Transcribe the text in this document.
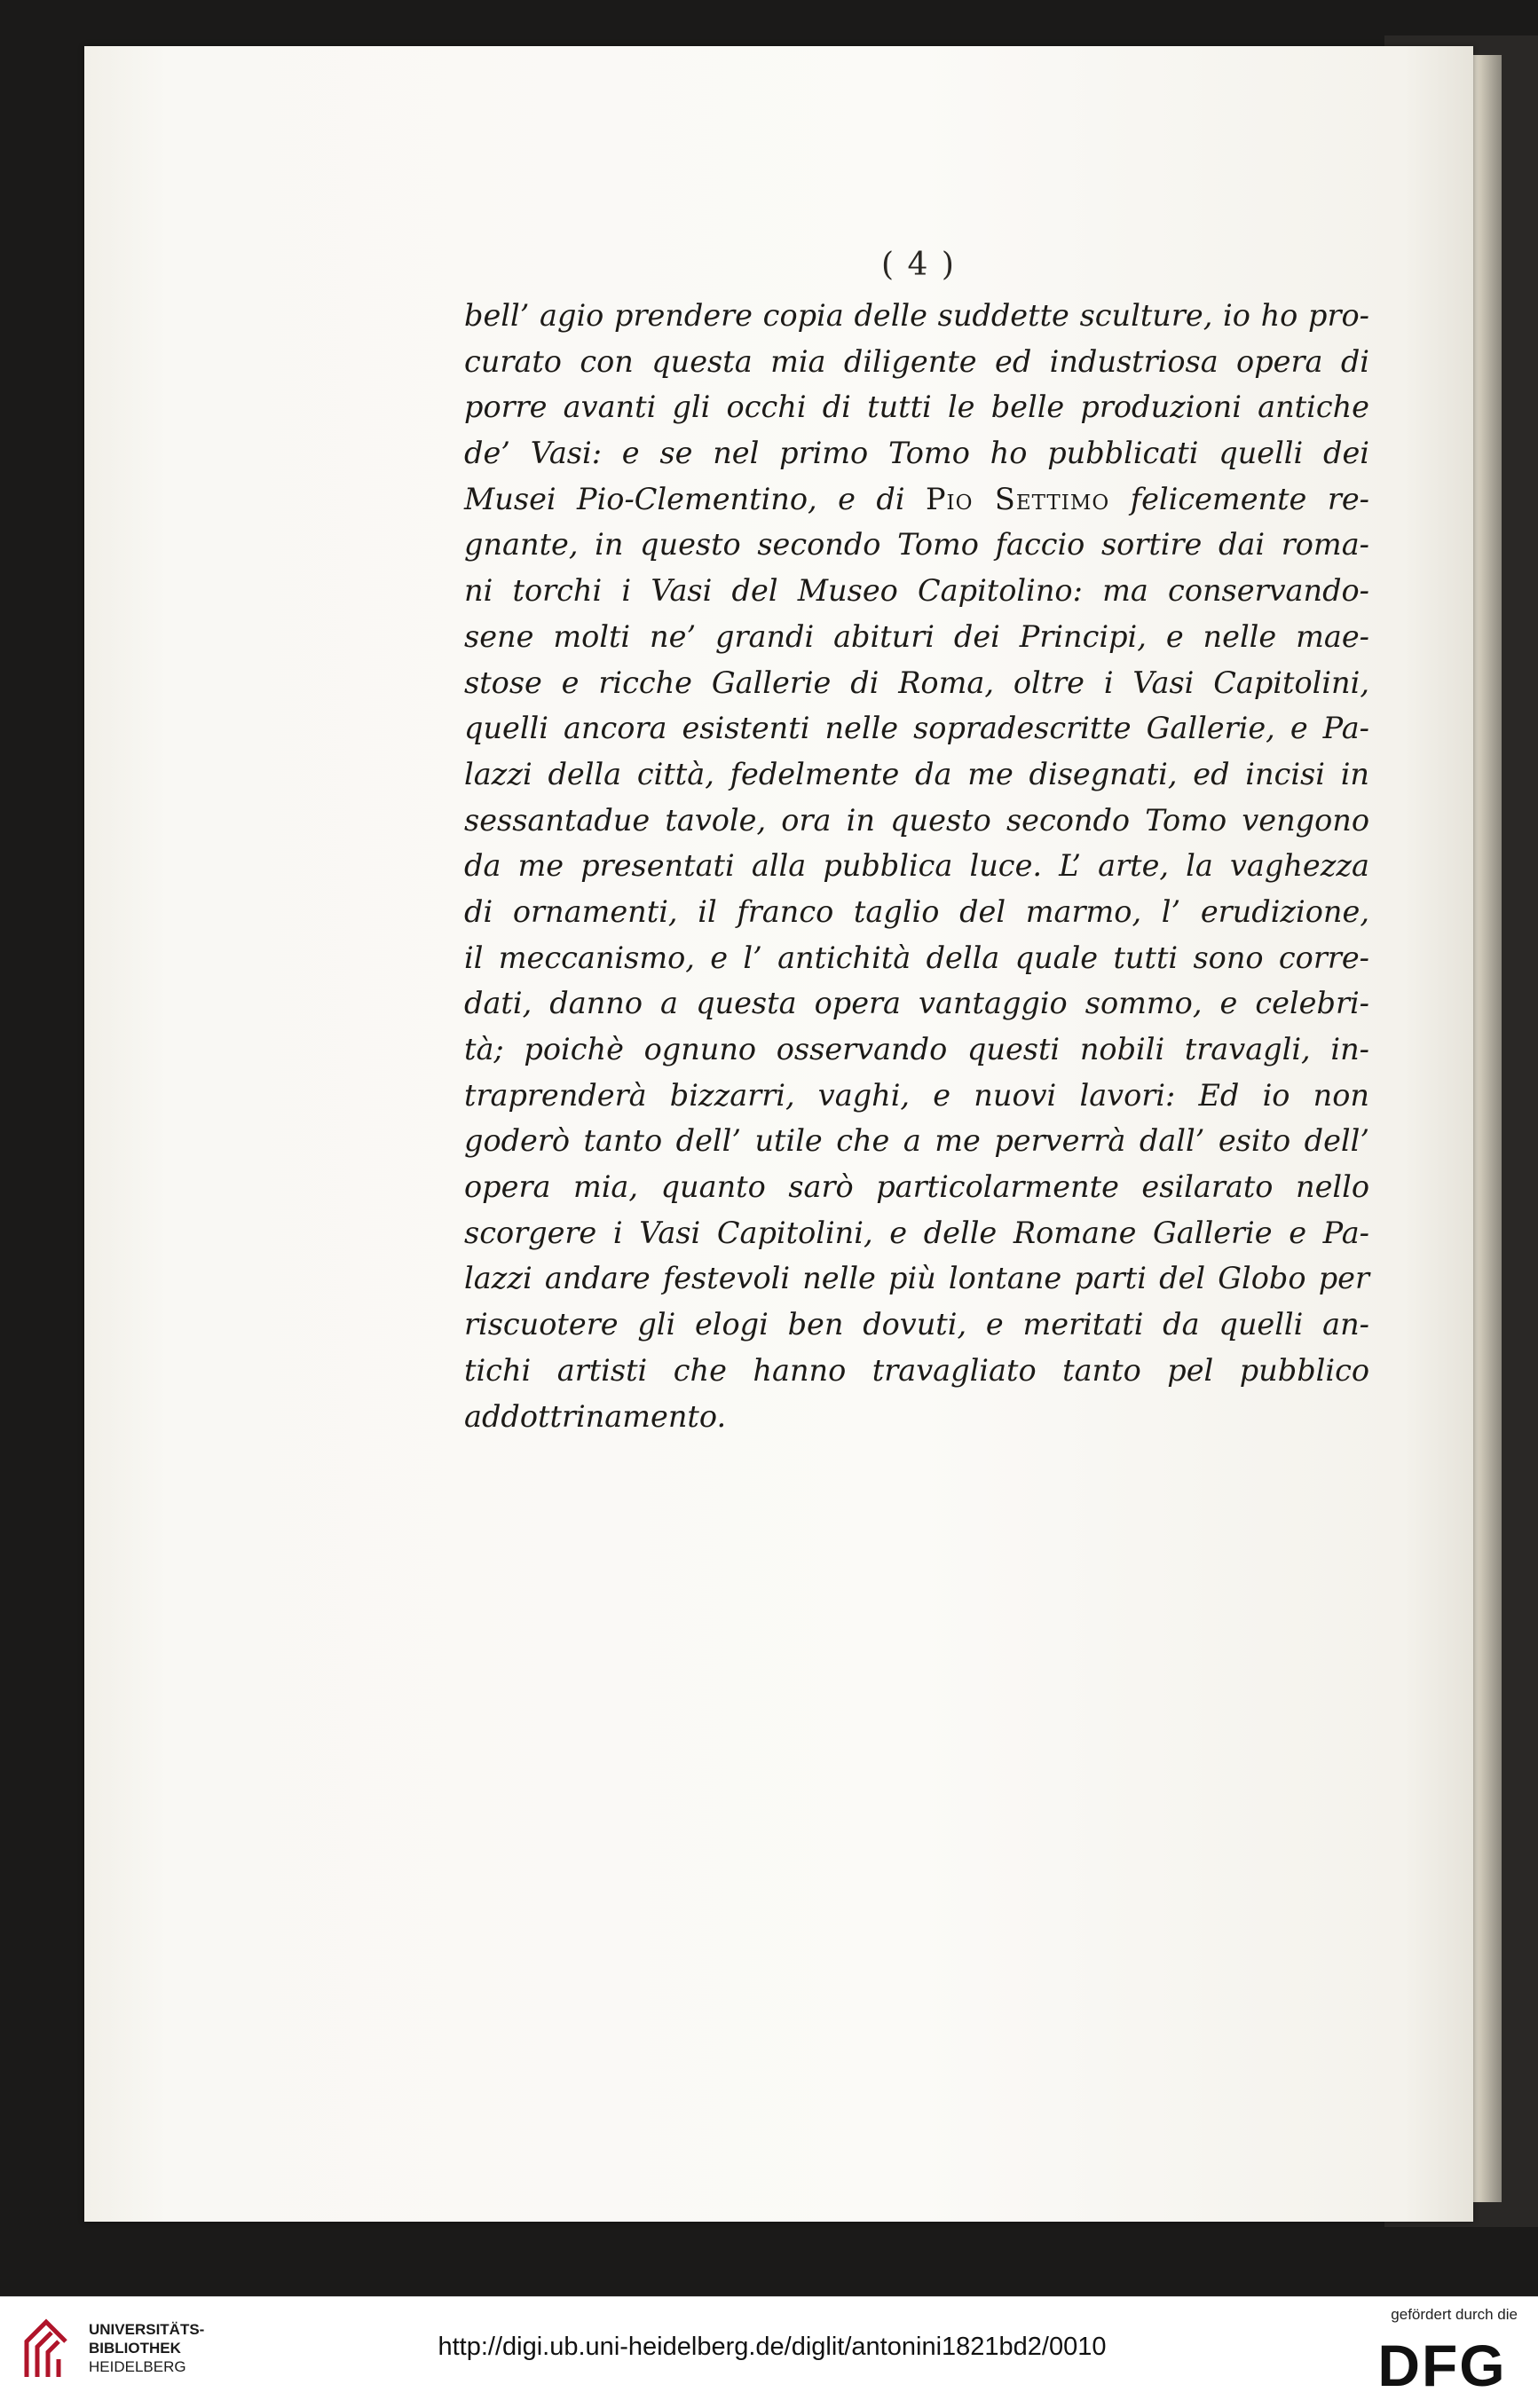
( 4 )
bell’ agio prendere copia delle suddette sculture, io ho pro-
curato con questa mia diligente ed industriosa opera di
porre avanti gli occhi di tutti le belle produzioni antiche
de’ Vasi: e se nel primo Tomo ho pubblicati quelli dei
Musei Pio-Clementino, e di Pio Settimo felicemente re-
gnante, in questo secondo Tomo faccio sortire dai roma-
ni torchi i Vasi del Museo Capitolino: ma conservando-
sene molti ne’ grandi abituri dei Principi, e nelle mae-
stose e ricche Gallerie di Roma, oltre i Vasi Capitolini,
quelli ancora esistenti nelle sopradescritte Gallerie, e Pa-
lazzi della città, fedelmente da me disegnati, ed incisi in
sessantadue tavole, ora in questo secondo Tomo vengono
da me presentati alla pubblica luce. L’ arte, la vaghezza
di ornamenti, il franco taglio del marmo, l’ erudizione,
il meccanismo, e l’ antichità della quale tutti sono corre-
dati, danno a questa opera vantaggio sommo, e celebri-
tà; poichè ognuno osservando questi nobili travagli, in-
traprenderà bizzarri, vaghi, e nuovi lavori: Ed io non
goderò tanto dell’ utile che a me perverrà dall’ esito dell’
opera mia, quanto sarò particolarmente esilarato nello
scorgere i Vasi Capitolini, e delle Romane Gallerie e Pa-
lazzi andare festevoli nelle più lontane parti del Globo per
riscuotere gli elogi ben dovuti, e meritati da quelli an-
tichi artisti che hanno travagliato tanto pel pubblico
addottrinamento.
UNIVERSITÄTS-
BIBLIOTHEK
HEIDELBERG
http://digi.ub.uni-heidelberg.de/diglit/antonini1821bd2/0010
gefördert durch die
DFG
